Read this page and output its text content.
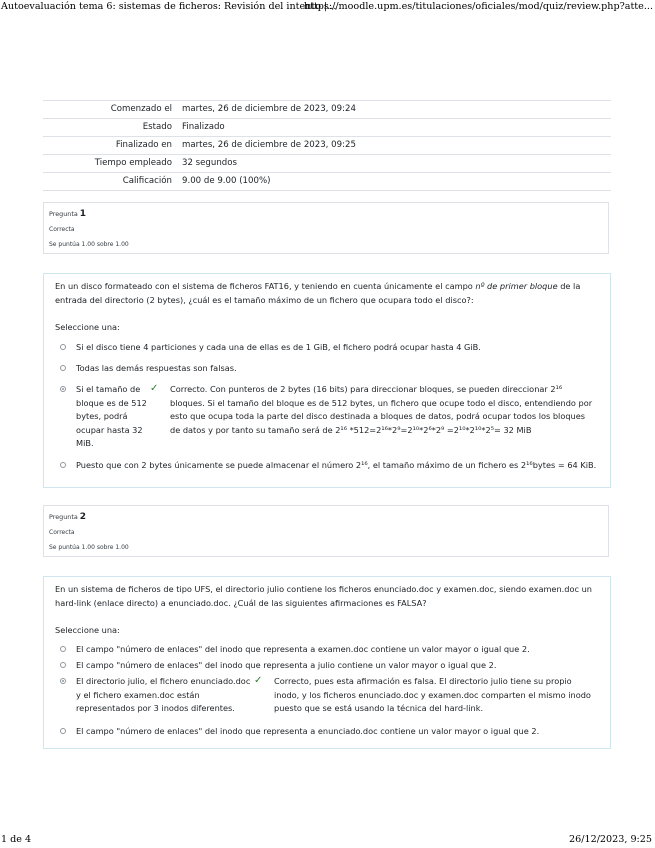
Autoevaluación tema 6: sistemas de ficheros: Revisión del intento |...
https://moodle.upm.es/titulaciones/oficiales/mod/quiz/review.php?atte...
Comenzado el	martes, 26 de diciembre de 2023, 09:24
Estado	Finalizado
Finalizado en	martes, 26 de diciembre de 2023, 09:25
Tiempo empleado	32 segundos
Calificación	9.00 de 9.00 (100%)
Pregunta 1
Correcta
Se puntúa 1.00 sobre 1.00

En un disco formateado con el sistema de ficheros FAT16, y teniendo en cuenta únicamente el campo nº de primer bloque de la entrada del directorio (2 bytes), ¿cuál es el tamaño máximo de un fichero que ocupara todo el disco?:

Seleccione una:

Si el disco tiene 4 particiones y cada una de ellas es de 1 GiB, el fichero podrá ocupar hasta 4 GiB.
Todas las demás respuestas son falsas.
Si el tamaño de bloque es de 512 bytes, podrá ocupar hasta 32 MiB.
✓ Correcto. Con punteros de 2 bytes (16 bits) para direccionar bloques, se pueden direccionar 2¹⁶ bloques. Si el tamaño del bloque es de 512 bytes, un fichero que ocupe todo el disco, entendiendo por esto que ocupa toda la parte del disco destinada a bloques de datos, podrá ocupar todos los bloques de datos y por tanto su tamaño será de 2¹⁶ *512=2¹⁶*2⁹=2¹⁰*2⁶*2⁹ =2¹⁰*2¹⁰*2⁵= 32 MiB
Puesto que con 2 bytes únicamente se puede almacenar el número 2¹⁶, el tamaño máximo de un fichero es 2¹⁶bytes = 64 KiB.
Pregunta 2
Correcta
Se puntúa 1.00 sobre 1.00

En un sistema de ficheros de tipo UFS, el directorio julio contiene los ficheros enunciado.doc y examen.doc, siendo examen.doc un hard-link (enlace directo) a enunciado.doc. ¿Cuál de las siguientes afirmaciones es FALSA?

Seleccione una:

El campo "número de enlaces" del inodo que representa a examen.doc contiene un valor mayor o igual que 2.
El campo "número de enlaces" del inodo que representa a julio contiene un valor mayor o igual que 2.
El directorio julio, el fichero enunciado.doc y el fichero examen.doc están representados por 3 inodos diferentes.
✓ Correcto, pues esta afirmación es falsa. El directorio julio tiene su propio inodo, y los ficheros enunciado.doc y examen.doc comparten el mismo inodo puesto que se está usando la técnica del hard-link.
El campo "número de enlaces" del inodo que representa a enunciado.doc contiene un valor mayor o igual que 2.
1 de 4	26/12/2023, 9:25
